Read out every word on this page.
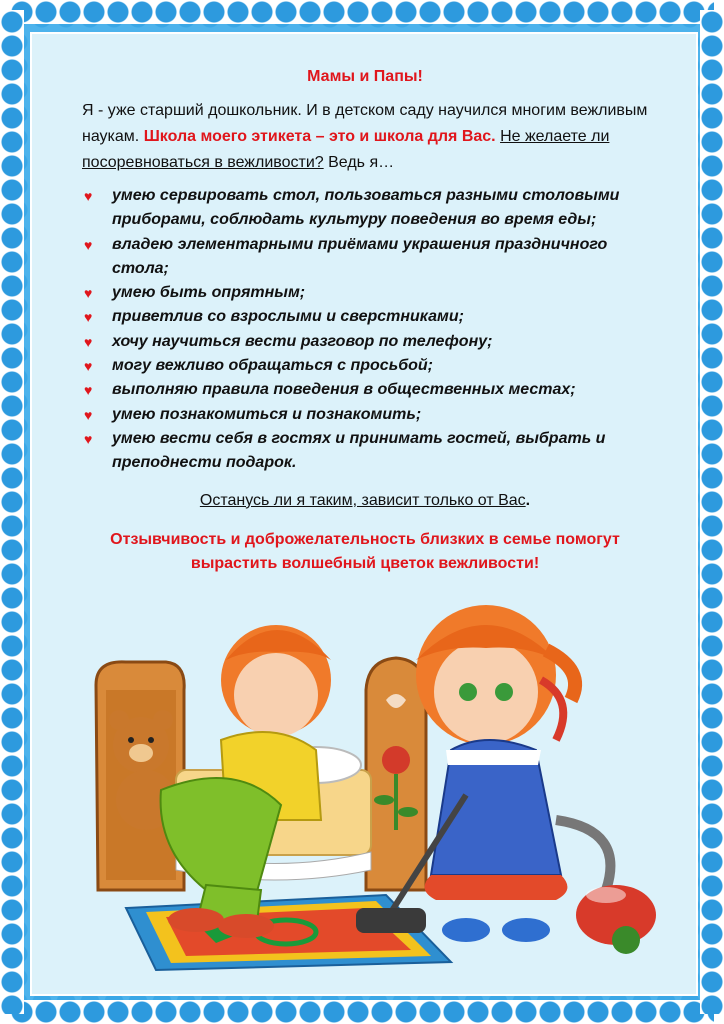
Мамы и Папы!

Я - уже старший дошкольник. И в детском саду научился многим вежливым наукам. Школа моего этикета – это и школа для Вас. Не желаете ли посоревноваться в вежливости? Ведь я…

♥ умею сервировать стол, пользоваться разными столовыми приборами, соблюдать культуру поведения во время еды;
♥ владею элементарными приёмами украшения праздничного стола;
♥ умею быть опрятным;
♥ приветлив со взрослыми и сверстниками;
♥ хочу научиться вести разговор по телефону;
♥ могу вежливо обращаться с просьбой;
♥ выполняю правила поведения в общественных местах;
♥ умею познакомиться и познакомить;
♥ умею вести себя в гостях и принимать гостей, выбрать и преподнести подарок.

Останусь ли я таким, зависит только от Вас.

Отзывчивость и доброжелательность близких в семье помогут
вырастить волшебный цветок вежливости!
